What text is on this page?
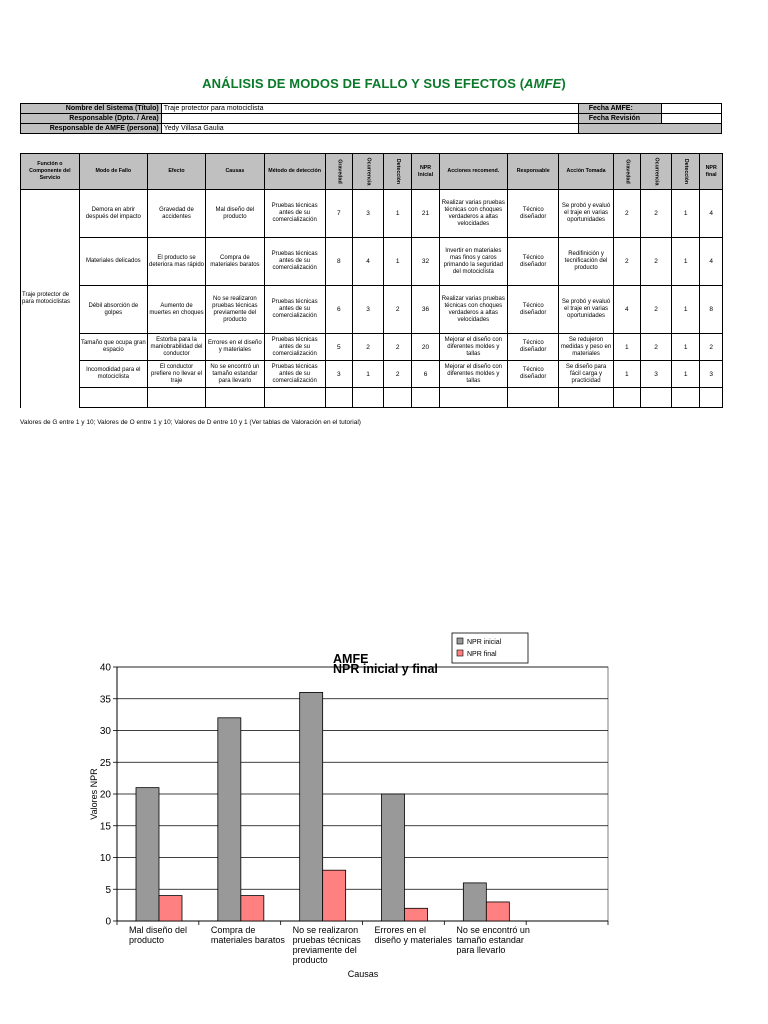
ANÁLISIS DE MODOS DE FALLO Y SUS EFECTOS (AMFE)
Nombre del Sistema (Título)	Traje protector para motociclista	Fecha AMFE:	
Responsable (Dpto. / Área)		Fecha Revisión	
Responsable de AMFE (persona)	Yedy Villasa Gaulia		
Función o Componente del Servicio	Modo de Fallo	Efecto	Causas	Método de detección	Gravedad	Ocurrencia	Detección	NPR Inicial	Acciones recomend.	Responsable	Acción Tomada	Gravedad	Ocurrencia	Detección	NPR final
Traje protector de para motociclistas	Demora en abrir después del impacto	Gravedad de accidentes	Mal diseño del producto	Pruebas técnicas antes de su comercialización	7	3	1	21	Realizar varias pruebas técnicas con choques verdaderos a altas velocidades	Técnico diseñador	Se probó y evaluó el traje en varias oportunidades	2	2	1	4
	Materiales delicados	El producto se deteriora mas rápido	Compra de materiales baratos	Pruebas técnicas antes de su comercialización	8	4	1	32	Invertir en materiales mas finos y caros primando la seguridad del motociclista	Técnico diseñador	Redifinición y tecnificación del producto	2	2	1	4
	Débil absorción de golpes	Aumento de muertes en choques	No se realizaron pruebas técnicas previamente del producto	Pruebas técnicas antes de su comercialización	6	3	2	36	Realizar varias pruebas técnicas con choques verdaderos a altas velocidades	Técnico diseñador	Se probó y evaluó el traje en varias oportunidades	4	2	1	8
	Tamaño que ocupa gran espacio	Estorba para la maniobrabilidad del conductor	Errores en el diseño y materiales	Pruebas técnicas antes de su comercialización	5	2	2	20	Mejorar el diseño con diferentes moldes y tallas	Técnico diseñador	Se redujeron medidas y peso en materiales	1	2	1	2
	Incomodidad para el motociclista	El conductor prefiere no llevar el traje	No se encontró un tamaño estandar para llevarlo	Pruebas técnicas antes de su comercialización	3	1	2	6	Mejorar el diseño con diferentes moldes y tallas	Técnico diseñador	Se diseño para fácil carga y practicidad	1	3	1	3

Valores de G entre 1 y 10; Valores de O entre 1 y 10; Valores de D entre 10 y 1 (Ver tablas de Valoración en el tutorial)
0
5
10
15
20
25
30
35
40
Mal diseño del
producto
Compra de
materiales baratos
No se realizaron
pruebas técnicas
previamente del
producto
Errores en el
diseño y materiales
No se encontró un
tamaño estandar
para llevarlo
AMFE
NPR inicial y final
Causas
Valores NPR
NPR inicial
NPR final
